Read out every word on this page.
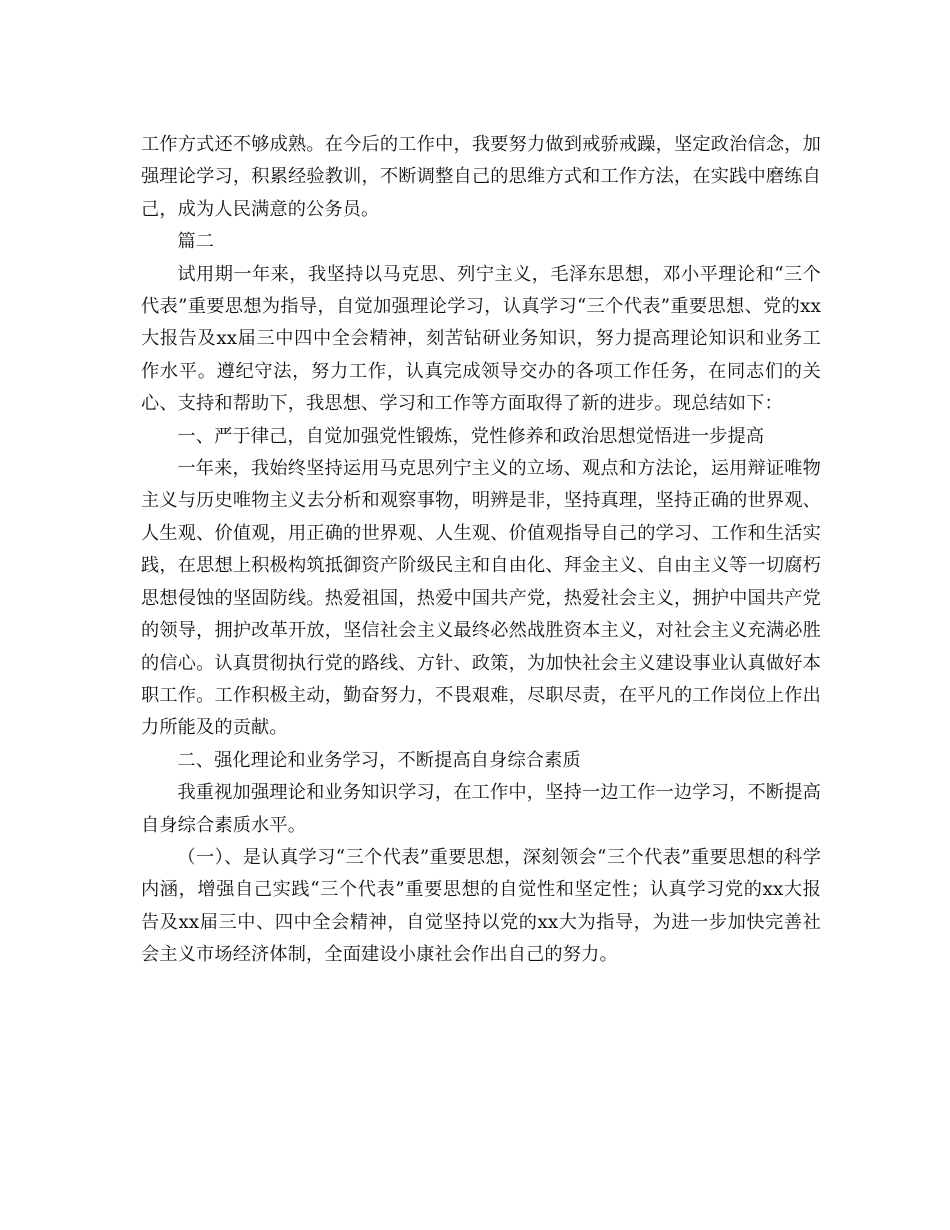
工作方式还不够成熟。在今后的工作中，我要努力做到戒骄戒躁，坚定政治信念，加强理论学习，积累经验教训，不断调整自己的思维方式和工作方法，在实践中磨练自己，成为人民满意的公务员。

篇二

试用期一年来，我坚持以马克思、列宁主义，毛泽东思想，邓小平理论和“三个代表”重要思想为指导，自觉加强理论学习，认真学习“三个代表”重要思想、党的xx大报告及xx届三中四中全会精神，刻苦钻研业务知识，努力提高理论知识和业务工作水平。遵纪守法，努力工作，认真完成领导交办的各项工作任务，在同志们的关心、支持和帮助下，我思想、学习和工作等方面取得了新的进步。现总结如下：

一、严于律己，自觉加强党性锻炼，党性修养和政治思想觉悟进一步提高

一年来，我始终坚持运用马克思列宁主义的立场、观点和方法论，运用辩证唯物主义与历史唯物主义去分析和观察事物，明辨是非，坚持真理，坚持正确的世界观、人生观、价值观，用正确的世界观、人生观、价值观指导自己的学习、工作和生活实践，在思想上积极构筑抵御资产阶级民主和自由化、拜金主义、自由主义等一切腐朽思想侵蚀的坚固防线。热爱祖国，热爱中国共产党，热爱社会主义，拥护中国共产党的领导，拥护改革开放，坚信社会主义最终必然战胜资本主义，对社会主义充满必胜的信心。认真贯彻执行党的路线、方针、政策，为加快社会主义建设事业认真做好本职工作。工作积极主动，勤奋努力，不畏艰难，尽职尽责，在平凡的工作岗位上作出力所能及的贡献。

二、强化理论和业务学习，不断提高自身综合素质

我重视加强理论和业务知识学习，在工作中，坚持一边工作一边学习，不断提高自身综合素质水平。

（一）、是认真学习“三个代表”重要思想，深刻领会“三个代表”重要思想的科学内涵，增强自己实践“三个代表”重要思想的自觉性和坚定性；认真学习党的xx大报告及xx届三中、四中全会精神，自觉坚持以党的xx大为指导，为进一步加快完善社会主义市场经济体制，全面建设小康社会作出自己的努力。
